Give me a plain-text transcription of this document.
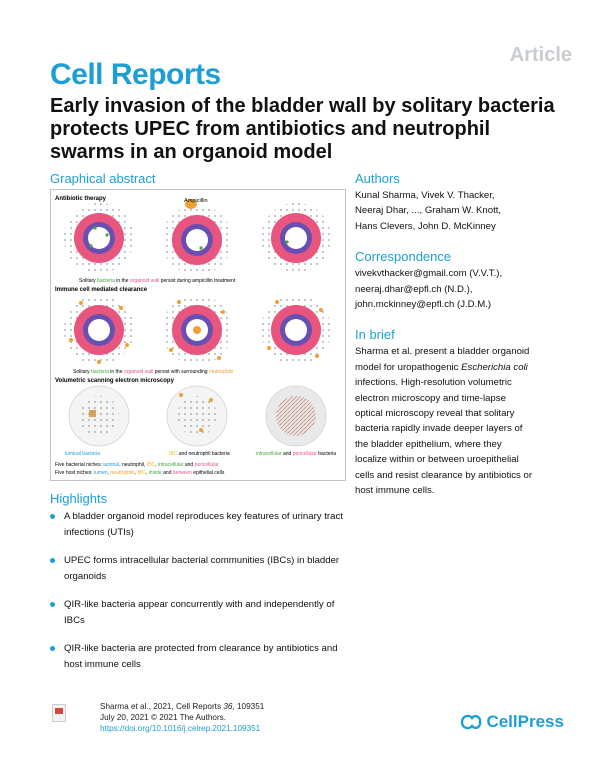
Article
Cell Reports
Early invasion of the bladder wall by solitary bacteria protects UPEC from antibiotics and neutrophil swarms in an organoid model
Graphical abstract
Antibiotic therapy	Ampicillin
Solitary bacteria in the organoid wall persist during ampicillin treatment
Immune cell mediated clearance
Solitary bacteria in the organoid wall persist with surrounding neutrophils
Volumetric scanning electron microscopy
luminal bacteria	IBC and neutrophil bacteria	intracellular and pericellular bacteria
Five bacterial niches: luminal, neutrophil, IBC, intracellular and pericellular
Five host niches: lumen, neutrophils, IBC, inside and between epithelial cells
Authors
Kunal Sharma, Vivek V. Thacker,
Neeraj Dhar, ..., Graham W. Knott,
Hans Clevers, John D. McKinney
Correspondence
vivekvthacker@gmail.com (V.V.T.),
neeraj.dhar@epfl.ch (N.D.),
john.mckinney@epfl.ch (J.D.M.)
In brief
Sharma et al. present a bladder organoid
model for uropathogenic Escherichia coli
infections. High-resolution volumetric
electron microscopy and time-lapse
optical microscopy reveal that solitary
bacteria rapidly invade deeper layers of
the bladder epithelium, where they
localize within or between uroepithelial
cells and resist clearance by antibiotics or
host immune cells.
Highlights
A bladder organoid model reproduces key features of urinary tract infections (UTIs)
UPEC forms intracellular bacterial communities (IBCs) in bladder organoids
QIR-like bacteria appear concurrently with and independently of IBCs
QIR-like bacteria are protected from clearance by antibiotics and host immune cells
Sharma et al., 2021, Cell Reports 36, 109351
July 20, 2021 © 2021 The Authors.
https://doi.org/10.1016/j.celrep.2021.109351	CellPress
